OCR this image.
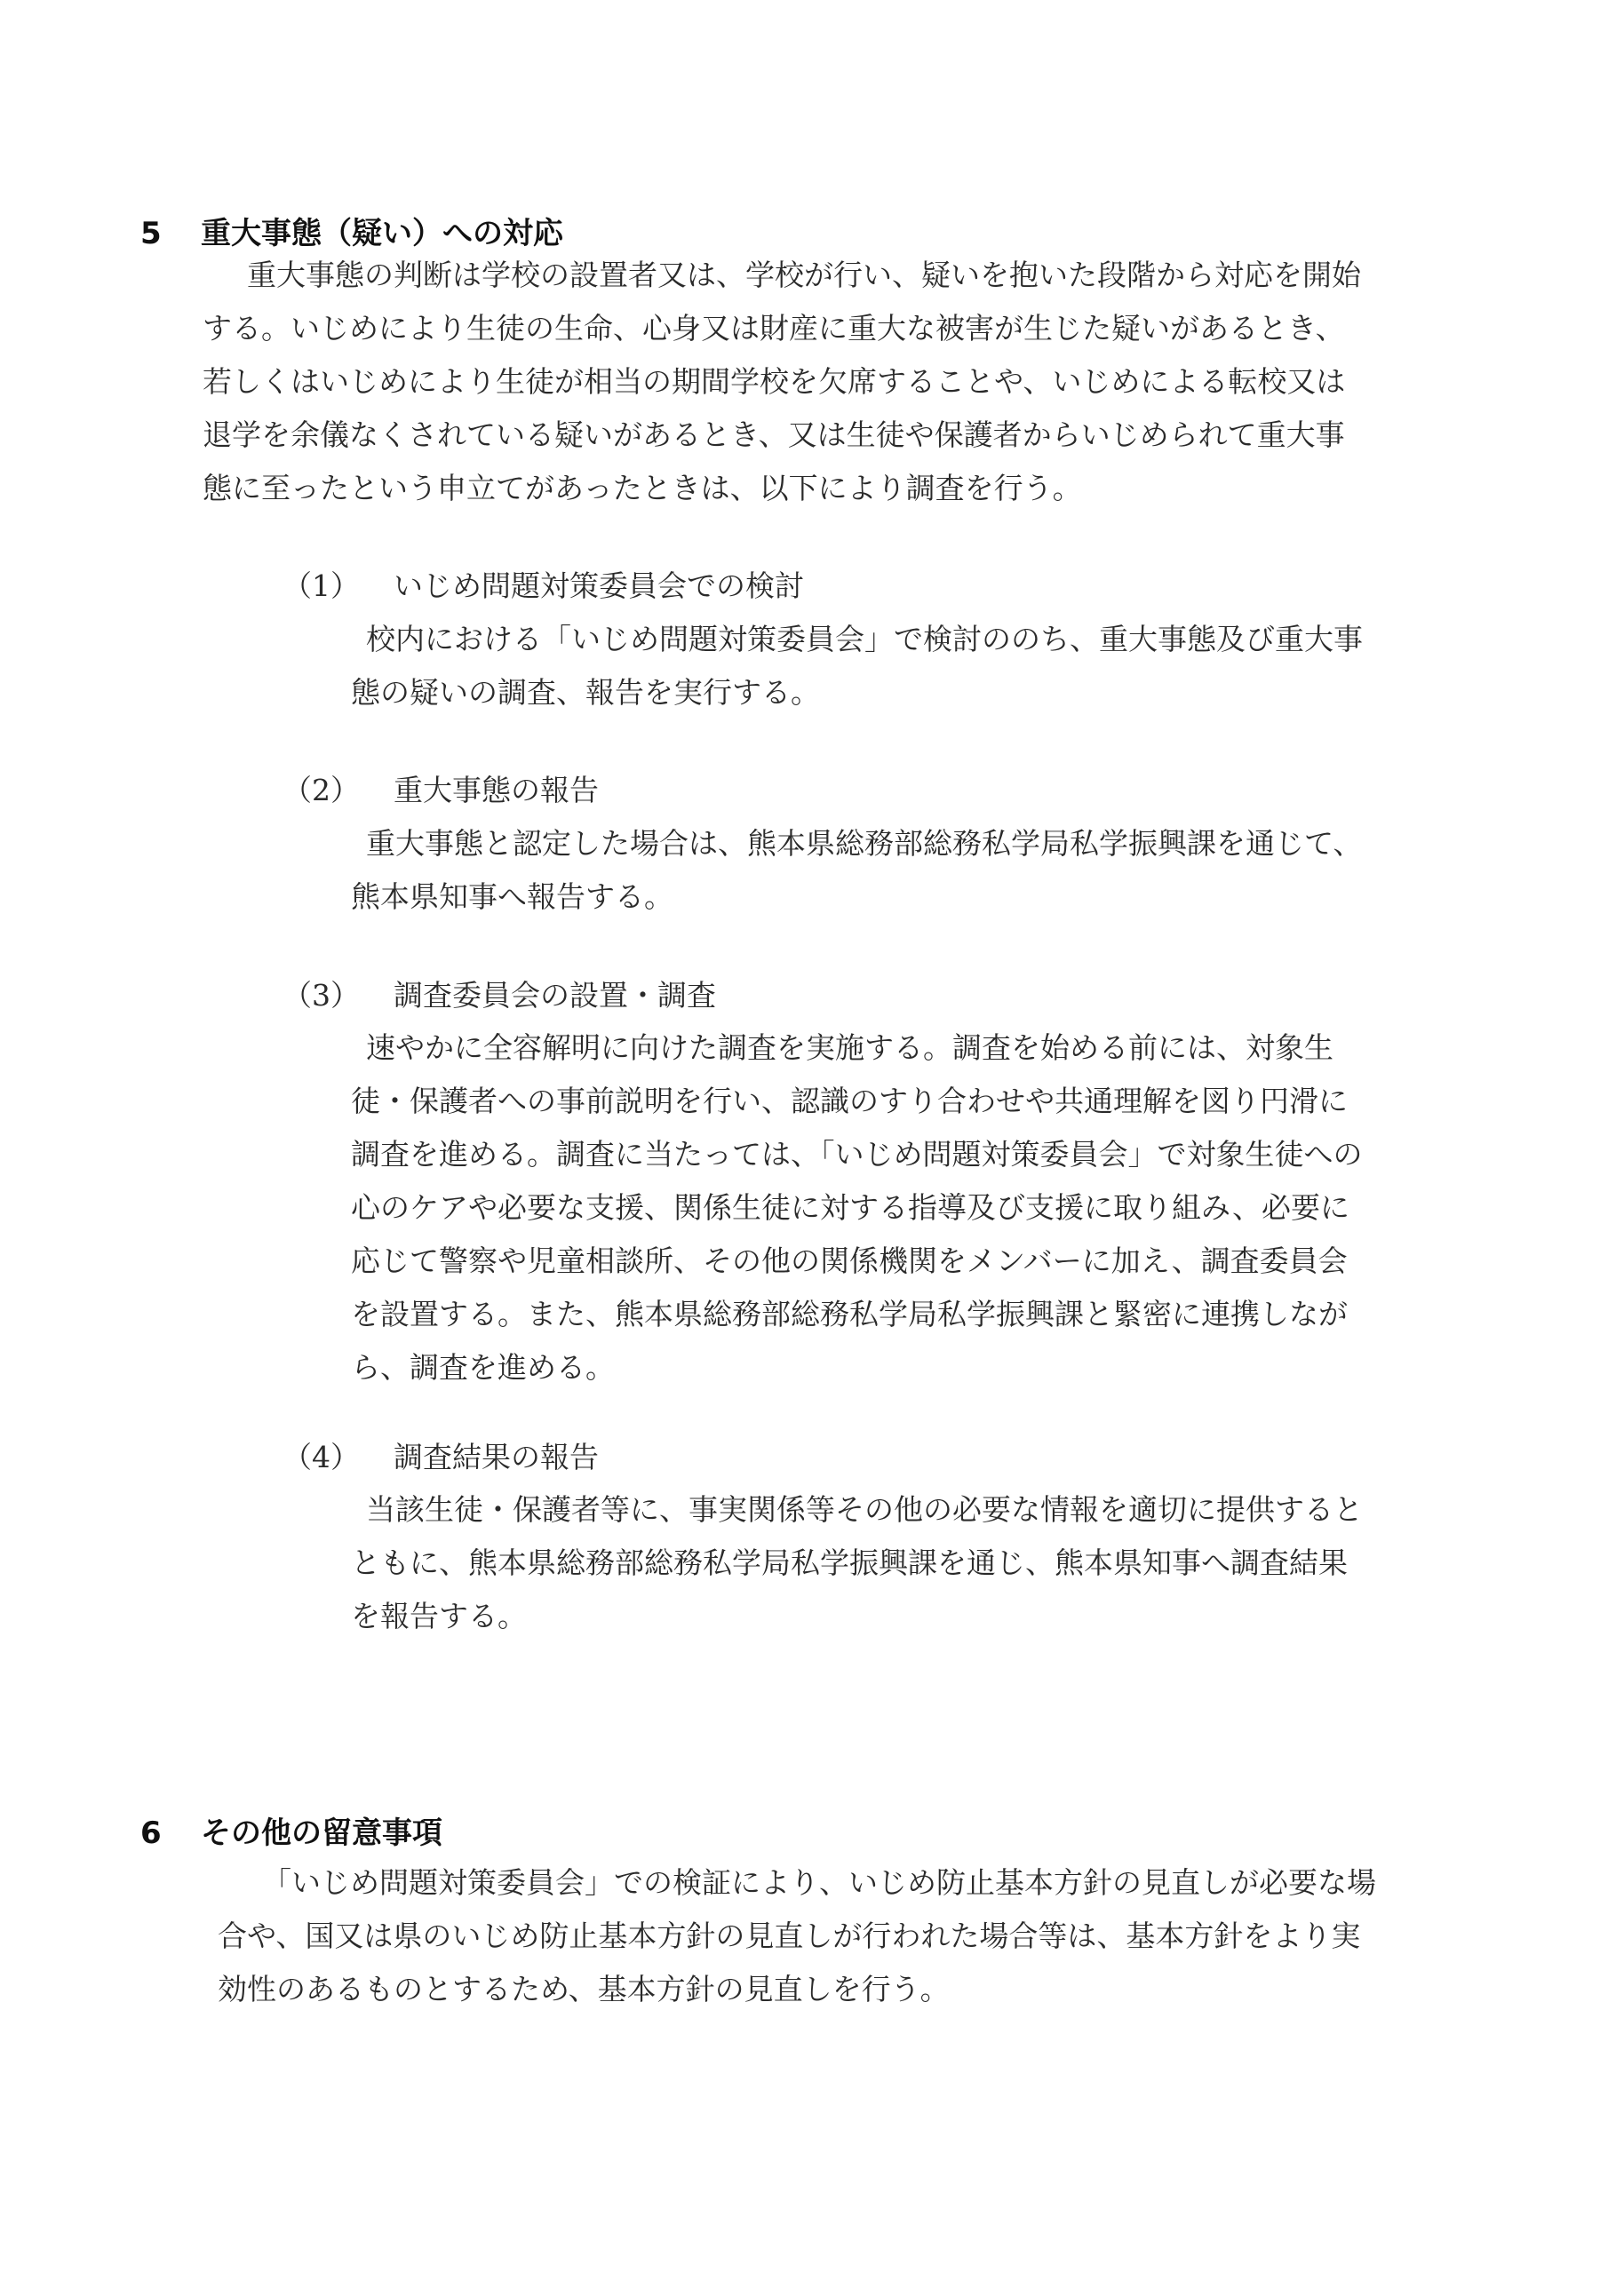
5 重大事態（疑い）への対応
重大事態の判断は学校の設置者又は、学校が行い、疑いを抱いた段階から対応を開始
する。いじめにより生徒の生命、心身又は財産に重大な被害が生じた疑いがあるとき、
若しくはいじめにより生徒が相当の期間学校を欠席することや、いじめによる転校又は
退学を余儀なくされている疑いがあるとき、又は生徒や保護者からいじめられて重大事
態に至ったという申立てがあったときは、以下により調査を行う。
（1） いじめ問題対策委員会での検討
校内における「いじめ問題対策委員会」で検討ののち、重大事態及び重大事
態の疑いの調査、報告を実行する。
（2） 重大事態の報告
重大事態と認定した場合は、熊本県総務部総務私学局私学振興課を通じて、
熊本県知事へ報告する。
（3） 調査委員会の設置・調査
速やかに全容解明に向けた調査を実施する。調査を始める前には、対象生
徒・保護者への事前説明を行い、認識のすり合わせや共通理解を図り円滑に
調査を進める。調査に当たっては、「いじめ問題対策委員会」で対象生徒への
心のケアや必要な支援、関係生徒に対する指導及び支援に取り組み、必要に
応じて警察や児童相談所、その他の関係機関をメンバーに加え、調査委員会
を設置する。また、熊本県総務部総務私学局私学振興課と緊密に連携しなが
ら、調査を進める。
（4） 調査結果の報告
当該生徒・保護者等に、事実関係等その他の必要な情報を適切に提供すると
ともに、熊本県総務部総務私学局私学振興課を通じ、熊本県知事へ調査結果
を報告する。
6 その他の留意事項
「いじめ問題対策委員会」での検証により、いじめ防止基本方針の見直しが必要な場
合や、国又は県のいじめ防止基本方針の見直しが行われた場合等は、基本方針をより実
効性のあるものとするため、基本方針の見直しを行う。
